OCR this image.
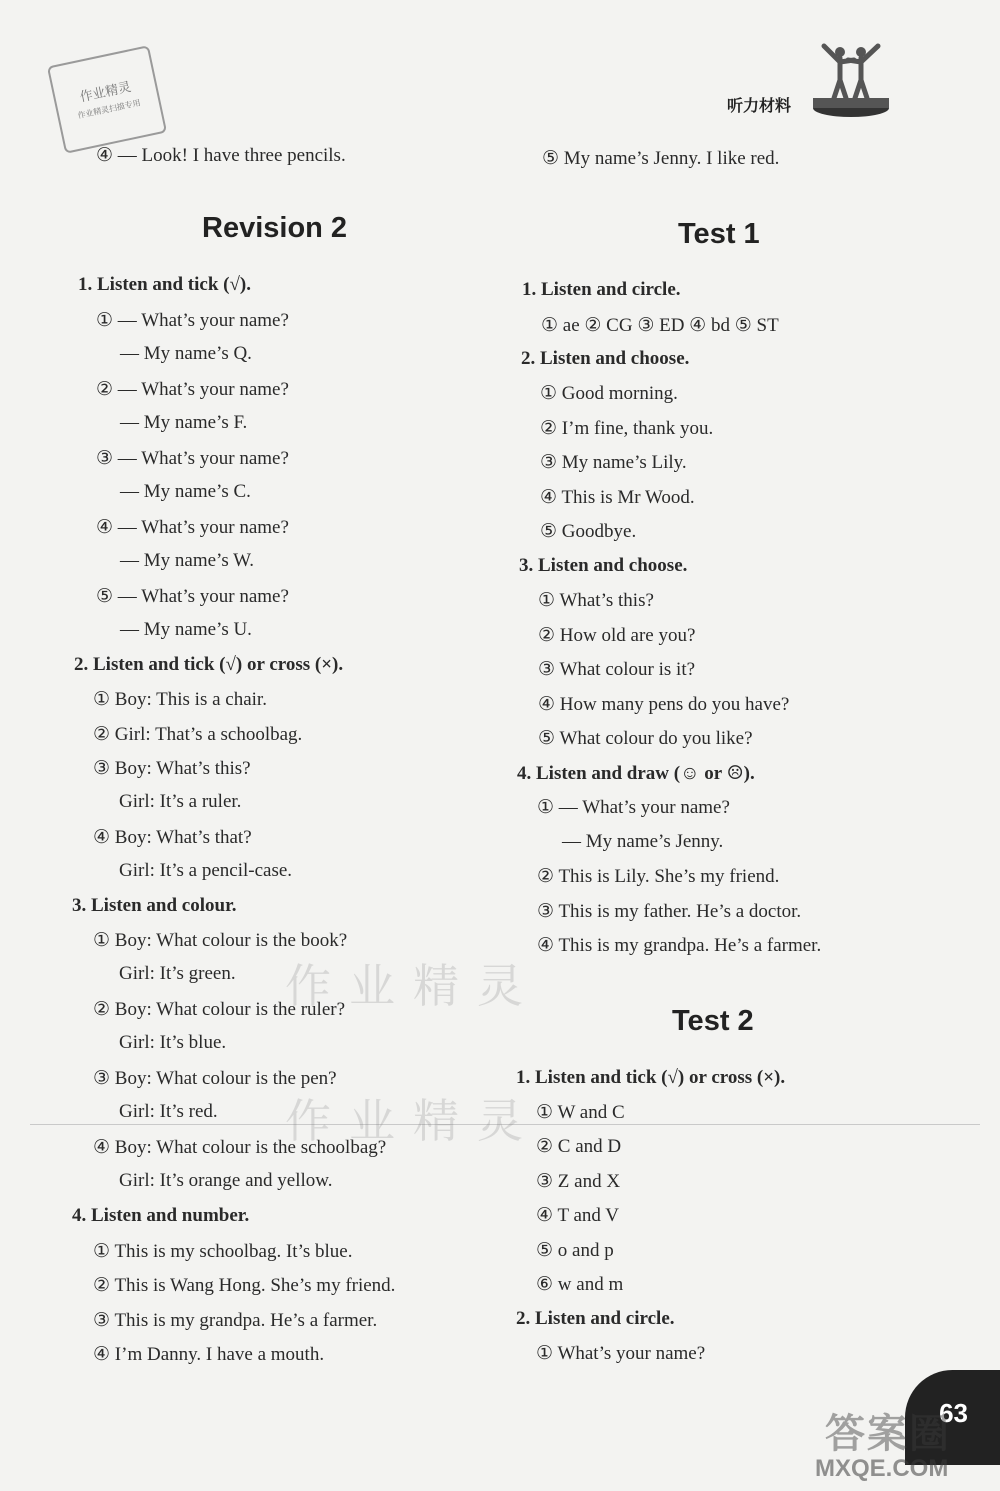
作业精灵
作业精灵扫描专用	听力材料
④ — Look! I have three pencils.
Revision 2
1. Listen and tick (√).
① — What’s your name?
— My name’s Q.
② — What’s your name?
— My name’s F.
③ — What’s your name?
— My name’s C.
④ — What’s your name?
— My name’s W.
⑤ — What’s your name?
— My name’s U.
2. Listen and tick (√) or cross (×).
① Boy: This is a chair.
② Girl: That’s a schoolbag.
③ Boy: What’s this?
Girl: It’s a ruler.
④ Boy: What’s that?
Girl: It’s a pencil-case.
3. Listen and colour.
① Boy: What colour is the book?
Girl: It’s green.
② Boy: What colour is the ruler?
Girl: It’s blue.
③ Boy: What colour is the pen?
Girl: It’s red.
④ Boy: What colour is the schoolbag?
Girl: It’s orange and yellow.
4. Listen and number.
① This is my schoolbag. It’s blue.
② This is Wang Hong. She’s my friend.
③ This is my grandpa. He’s a farmer.
④ I’m Danny. I have a mouth.
⑤ My name’s Jenny. I like red.
Test 1
1. Listen and circle.
① ae ② CG ③ ED ④ bd ⑤ ST
2. Listen and choose.
① Good morning.
② I’m fine, thank you.
③ My name’s Lily.
④ This is Mr Wood.
⑤ Goodbye.
3. Listen and choose.
① What’s this?
② How old are you?
③ What colour is it?
④ How many pens do you have?
⑤ What colour do you like?
4. Listen and draw (☺ or ☹).
① — What’s your name?
— My name’s Jenny.
② This is Lily. She’s my friend.
③ This is my father. He’s a doctor.
④ This is my grandpa. He’s a farmer.
Test 2
1. Listen and tick (√) or cross (×).
① W and C
② C and D
③ Z and X
④ T and V
⑤ o and p
⑥ w and m
2. Listen and circle.
① What’s your name?
作业精灵
作业精灵
63
答案圈
MXQE.COM
